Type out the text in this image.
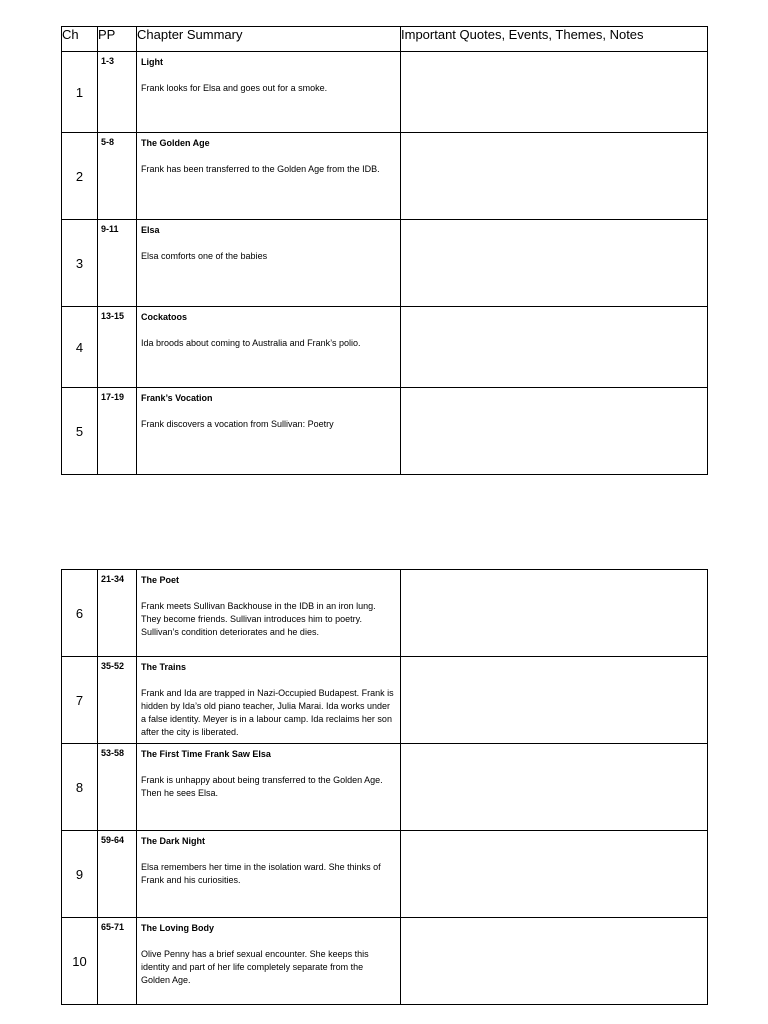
Ch	PP	Chapter Summary	Important Quotes, Events, Themes, Notes
1	1-3	Light
Frank looks for Elsa and goes out for a smoke.	

2	5-8	The Golden Age
Frank has been transferred to the Golden Age from the IDB.	

3	9-11	Elsa
Elsa comforts one of the babies	

4	13-15	Cockatoos
Ida broods about coming to Australia and Frank’s polio.	

5	17-19	Frank’s Vocation
Frank discovers a vocation from Sullivan: Poetry	

6	21-34	The Poet
Frank meets Sullivan Backhouse in the IDB in an iron lung. They become friends. Sullivan introduces him to poetry. Sullivan’s condition deteriorates and he dies.	

7	35-52	The Trains
Frank and Ida are trapped in Nazi-Occupied Budapest. Frank is hidden by Ida’s old piano teacher, Julia Marai. Ida works under a false identity. Meyer is in a labour camp. Ida reclaims her son after the city is liberated.	

8	53-58	The First Time Frank Saw Elsa
Frank is unhappy about being transferred to the Golden Age. Then he sees Elsa.	

9	59-64	The Dark Night
Elsa remembers her time in the isolation ward. She thinks of Frank and his curiosities.	

10	65-71	The Loving Body
Olive Penny has a brief sexual encounter. She keeps this identity and part of her life completely separate from the Golden Age.	
